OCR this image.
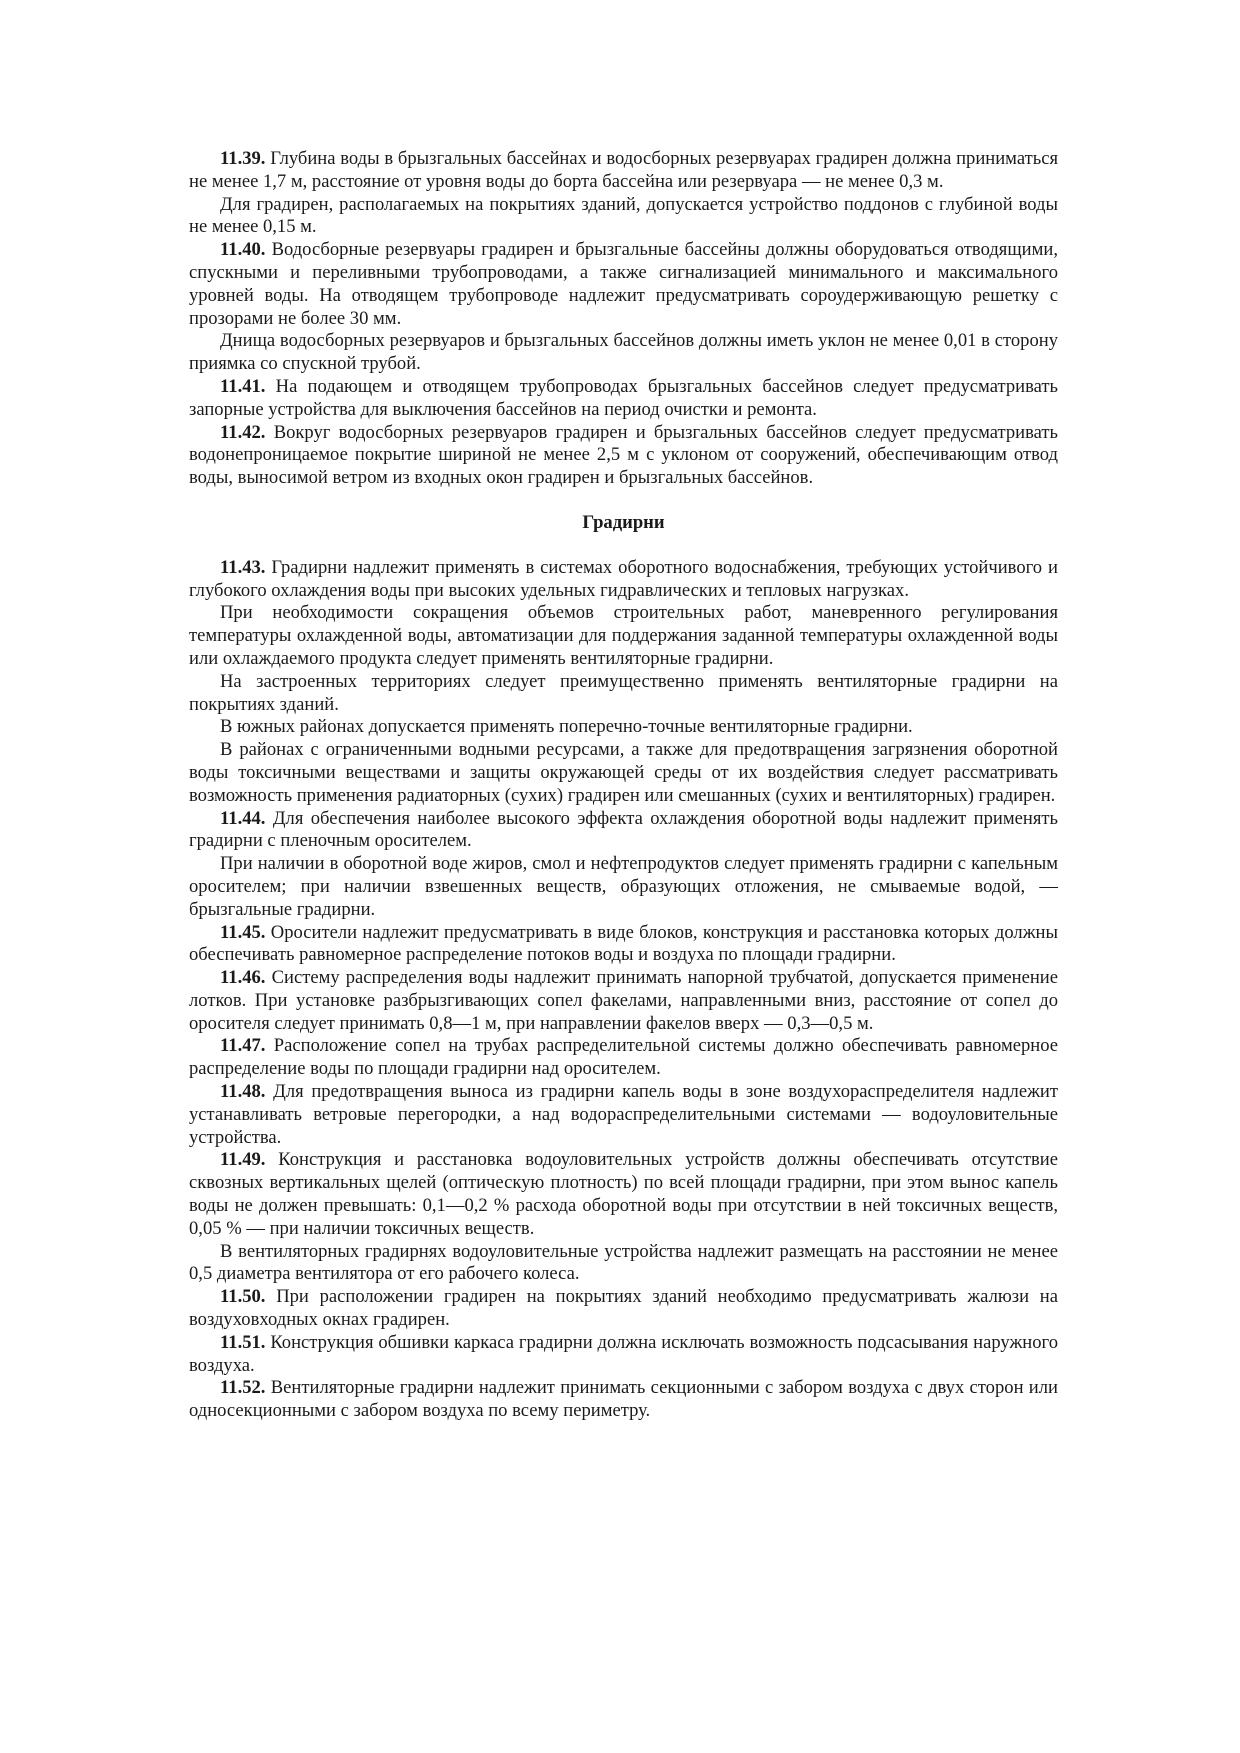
11.39. Глубина воды в брызгальных бассейнах и водосборных резервуарах градирен должна приниматься не менее 1,7 м, расстояние от уровня воды до борта бассейна или резервуара — не менее 0,3 м.

Для градирен, располагаемых на покрытиях зданий, допускается устройство поддонов с глубиной воды не менее 0,15 м.

11.40. Водосборные резервуары градирен и брызгальные бассейны должны оборудоваться отводящими, спускными и переливными трубопроводами, а также сигнализацией минимального и максимального уровней воды. На отводящем трубопроводе надлежит предусматривать сороудерживающую решетку с прозорами не более 30 мм.

Днища водосборных резервуаров и брызгальных бассейнов должны иметь уклон не менее 0,01 в сторону приямка со спускной трубой.

11.41. На подающем и отводящем трубопроводах брызгальных бассейнов следует предусматривать запорные устройства для выключения бассейнов на период очистки и ремонта.

11.42. Вокруг водосборных резервуаров градирен и брызгальных бассейнов следует предусматривать водонепроницаемое покрытие шириной не менее 2,5 м с уклоном от сооружений, обеспечивающим отвод воды, выносимой ветром из входных окон градирен и брызгальных бассейнов.

Градирни

11.43. Градирни надлежит применять в системах оборотного водоснабжения, требующих устойчивого и глубокого охлаждения воды при высоких удельных гидравлических и тепловых нагрузках.

При необходимости сокращения объемов строительных работ, маневренного регулирования температуры охлажденной воды, автоматизации для поддержания заданной температуры охлажденной воды или охлаждаемого продукта следует применять вентиляторные градирни.

На застроенных территориях следует преимущественно применять вентиляторные градирни на покрытиях зданий.

В южных районах допускается применять поперечно-точные вентиляторные градирни.

В районах с ограниченными водными ресурсами, а также для предотвращения загрязнения оборотной воды токсичными веществами и защиты окружающей среды от их воздействия следует рассматривать возможность применения радиаторных (сухих) градирен или смешанных (сухих и вентиляторных) градирен.

11.44. Для обеспечения наиболее высокого эффекта охлаждения оборотной воды надлежит применять градирни с пленочным оросителем.

При наличии в оборотной воде жиров, смол и нефтепродуктов следует применять градирни с капельным оросителем; при наличии взвешенных веществ, образующих отложения, не смываемые водой, — брызгальные градирни.

11.45. Оросители надлежит предусматривать в виде блоков, конструкция и расстановка которых должны обеспечивать равномерное распределение потоков воды и воздуха по площади градирни.

11.46. Систему распределения воды надлежит принимать напорной трубчатой, допускается применение лотков. При установке разбрызгивающих сопел факелами, направленными вниз, расстояние от сопел до оросителя следует принимать 0,8—1 м, при направлении факелов вверх — 0,3—0,5 м.

11.47. Расположение сопел на трубах распределительной системы должно обеспечивать равномерное распределение воды по площади градирни над оросителем.

11.48. Для предотвращения выноса из градирни капель воды в зоне воздухораспределителя надлежит устанавливать ветровые перегородки, а над водораспределительными системами — водоуловительные устройства.

11.49. Конструкция и расстановка водоуловительных устройств должны обеспечивать отсутствие сквозных вертикальных щелей (оптическую плотность) по всей площади градирни, при этом вынос капель воды не должен превышать: 0,1—0,2 % расхода оборотной воды при отсутствии в ней токсичных веществ, 0,05 % — при наличии токсичных веществ.

В вентиляторных градирнях водоуловительные устройства надлежит размещать на расстоянии не менее 0,5 диаметра вентилятора от его рабочего колеса.

11.50. При расположении градирен на покрытиях зданий необходимо предусматривать жалюзи на воздуховходных окнах градирен.

11.51. Конструкция обшивки каркаса градирни должна исключать возможность подсасывания наружного воздуха.

11.52. Вентиляторные градирни надлежит принимать секционными с забором воздуха с двух сторон или односекционными с забором воздуха по всему периметру.
